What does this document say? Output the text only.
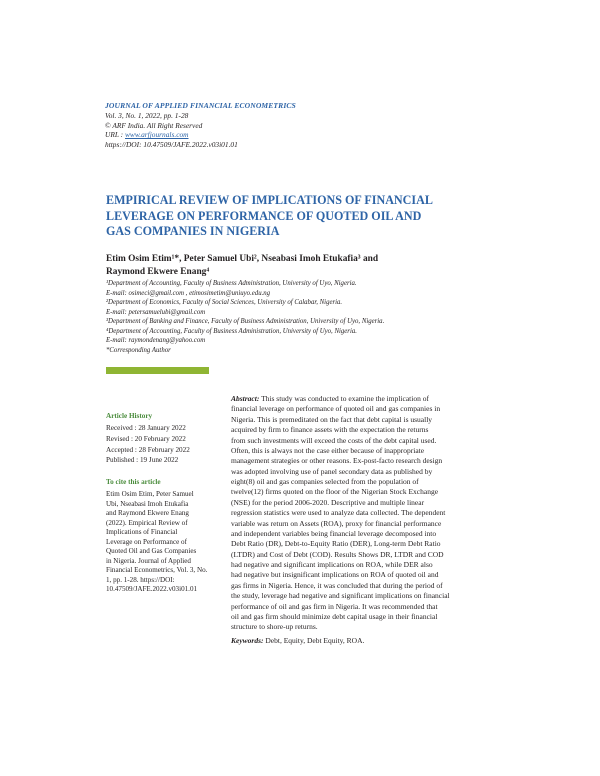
JOURNAL OF APPLIED FINANCIAL ECONOMETRICS
Vol. 3, No. 1, 2022, pp. 1-28
© ARF India. All Right Reserved
URL : www.arfjournals.com
https://DOI: 10.47509/JAFE.2022.v03i01.01
EMPIRICAL REVIEW OF IMPLICATIONS OF FINANCIAL
LEVERAGE ON PERFORMANCE OF QUOTED OIL AND
GAS COMPANIES IN NIGERIA
Etim Osim Etim¹*, Peter Samuel Ubi², Nseabasi Imoh Etukafia³ and
Raymond Ekwere Enang⁴
¹Department of Accounting, Faculty of Business Administration, University of Uyo, Nigeria.
E-mail: osimeci@gmail.com , etimosimetim@uniuyo.edu.ng
²Department of Economics, Faculty of Social Sciences, University of Calabar, Nigeria.
E-mail: petersamuelubi@gmail.com
³Department of Banking and Finance, Faculty of Business Administration, University of Uyo, Nigeria.
⁴Department of Accounting, Faculty of Business Administration, University of Uyo, Nigeria.
E-mail: raymondenang@yahoo.com
*Corresponding Author
Article History
Received : 28 January 2022
Revised : 20 February 2022
Accepted : 28 February 2022
Published : 19 June 2022
To cite this article
Etim Osim Etim, Peter Samuel
Ubi, Nseabasi Imoh Etukafia
and Raymond Ekwere Enang
(2022). Empirical Review of
Implications of Financial
Leverage on Performance of
Quoted Oil and Gas Companies
in Nigeria. Journal of Applied
Financial Econometrics, Vol. 3, No.
1, pp. 1-28. https://DOI:
10.47509/JAFE.2022.v03i01.01
Abstract: This study was conducted to examine the implication of
financial leverage on performance of quoted oil and gas companies in
Nigeria. This is premeditated on the fact that debt capital is usually
acquired by firm to finance assets with the expectation the returns
from such investments will exceed the costs of the debt capital used.
Often, this is always not the case either because of inappropriate
management strategies or other reasons. Ex-post-facto research design
was adopted involving use of panel secondary data as published by
eight(8) oil and gas companies selected from the population of
twelve(12) firms quoted on the floor of the Nigerian Stock Exchange
(NSE) for the period 2006-2020. Descriptive and multiple linear
regression statistics were used to analyze data collected. The dependent
variable was return on Assets (ROA), proxy for financial performance
and independent variables being financial leverage decomposed into
Debt Ratio (DR), Debt-to-Equity Ratio (DER), Long-term Debt Ratio
(LTDR) and Cost of Debt (COD). Results Shows DR, LTDR and COD
had negative and significant implications on ROA, while DER also
had negative but insignificant implications on ROA of quoted oil and
gas firms in Nigeria. Hence, it was concluded that during the period of
the study, leverage had negative and significant implications on financial
performance of oil and gas firm in Nigeria. It was recommended that
oil and gas firm should minimize debt capital usage in their financial
structure to shore-up returns.
Keywords: Debt, Equity, Debt Equity, ROA.
